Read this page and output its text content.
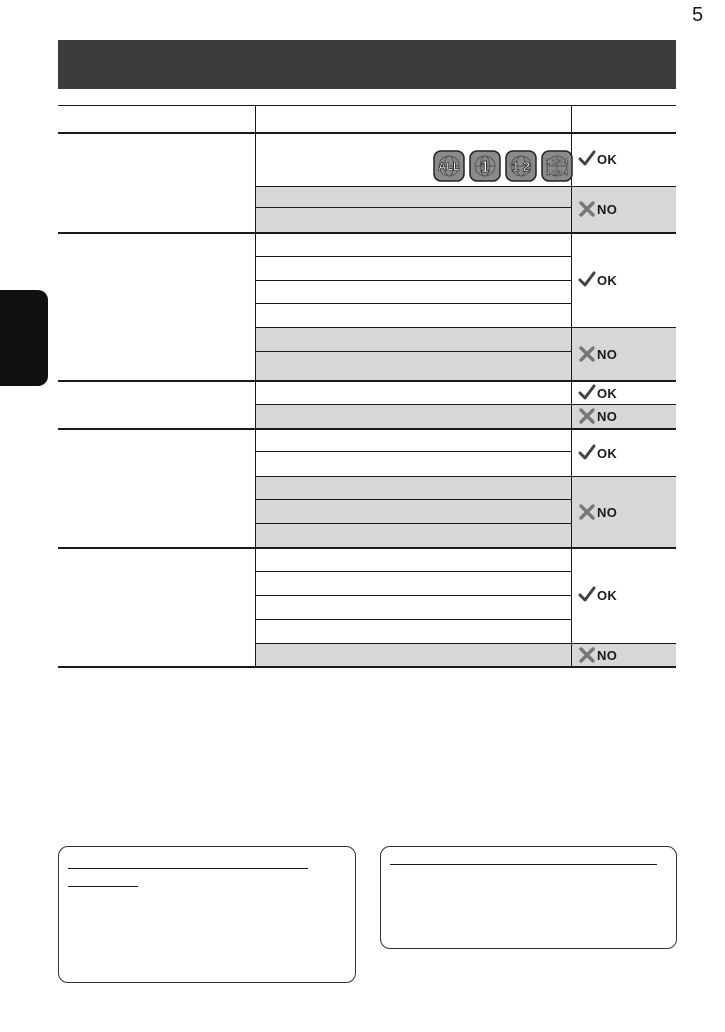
5
ALL 1 1 2 1 2 3 4
1 2 3 4
OK
NO
OK
NO
OK
NO
OK
NO
OK
NO
